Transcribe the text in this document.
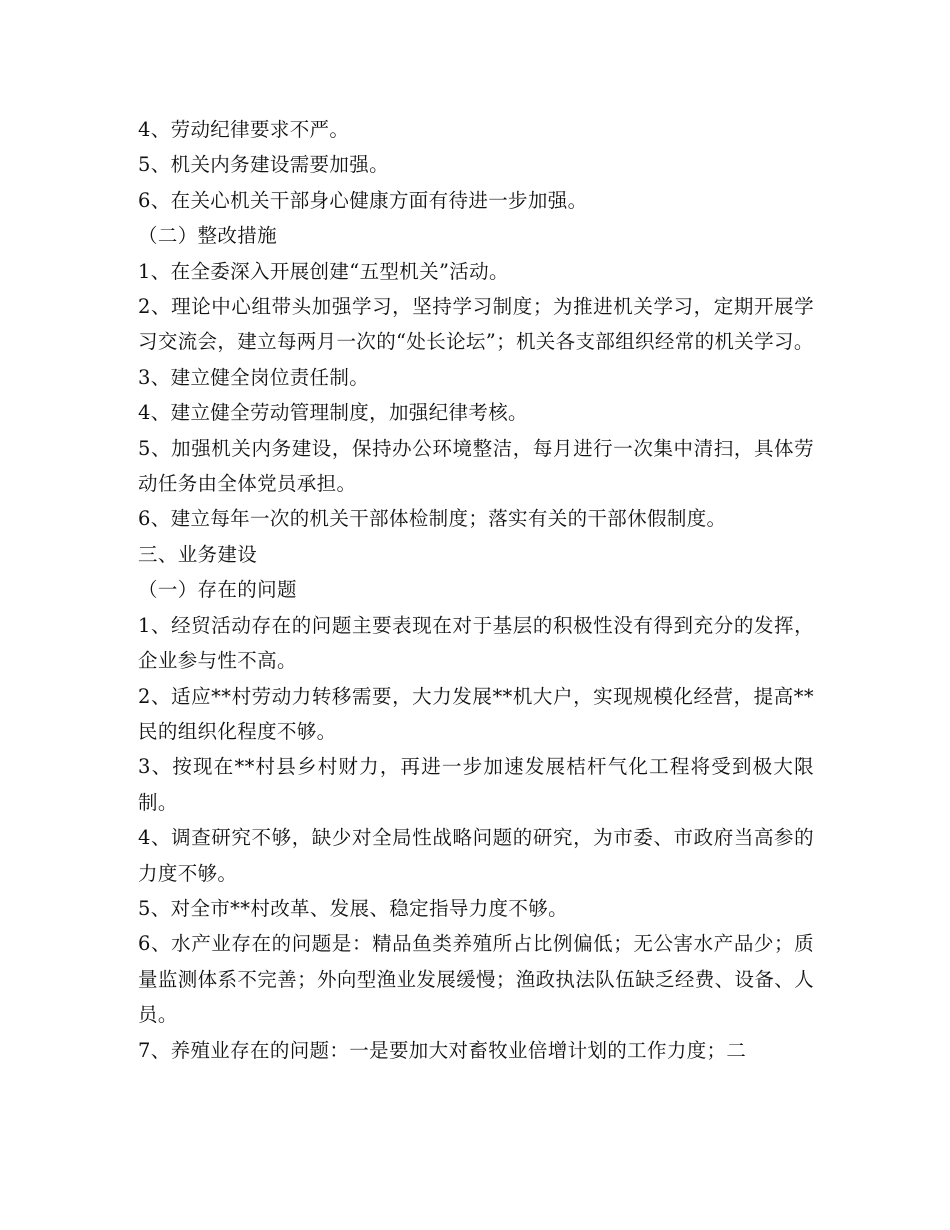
4、劳动纪律要求不严。

5、机关内务建设需要加强。

6、在关心机关干部身心健康方面有待进一步加强。

（二）整改措施

1、在全委深入开展创建“五型机关”活动。

2、理论中心组带头加强学习，坚持学习制度；为推进机关学习，定期开展学习交流会，建立每两月一次的“处长论坛”；机关各支部组织经常的机关学习。

3、建立健全岗位责任制。

4、建立健全劳动管理制度，加强纪律考核。

5、加强机关内务建设，保持办公环境整洁，每月进行一次集中清扫，具体劳动任务由全体党员承担。

6、建立每年一次的机关干部体检制度；落实有关的干部休假制度。

三、业务建设

（一）存在的问题

1、经贸活动存在的问题主要表现在对于基层的积极性没有得到充分的发挥，企业参与性不高。

2、适应**村劳动力转移需要，大力发展**机大户，实现规模化经营，提高**民的组织化程度不够。

3、按现在**村县乡村财力，再进一步加速发展桔杆气化工程将受到极大限制。

4、调查研究不够，缺少对全局性战略问题的研究，为市委、市政府当高参的力度不够。

5、对全市**村改革、发展、稳定指导力度不够。

6、水产业存在的问题是：精品鱼类养殖所占比例偏低；无公害水产品少；质量监测体系不完善；外向型渔业发展缓慢；渔政执法队伍缺乏经费、设备、人员。

7、养殖业存在的问题：一是要加大对畜牧业倍增计划的工作力度；二
